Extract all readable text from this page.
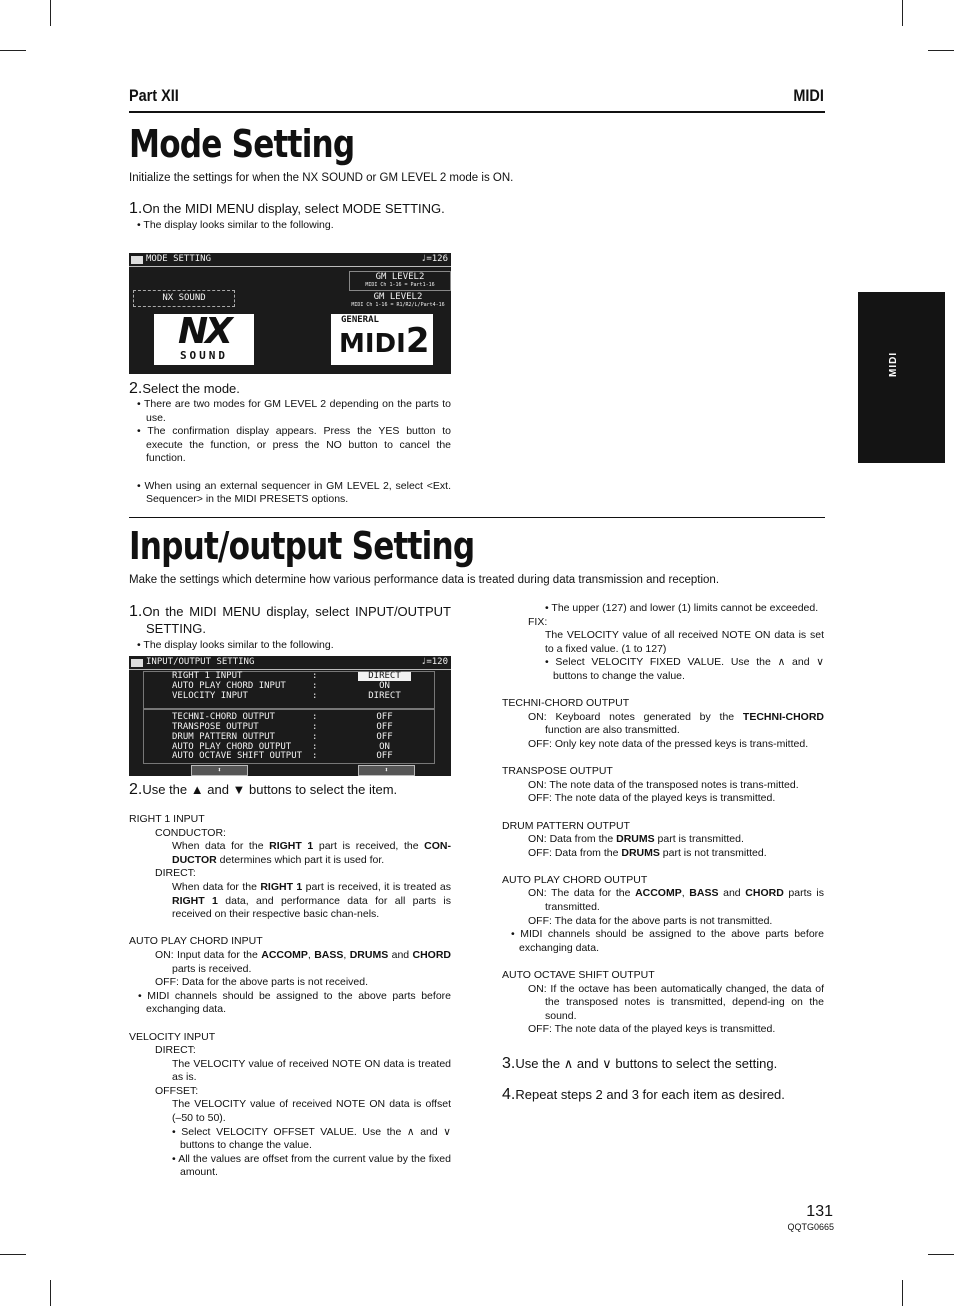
Part XII	MIDI
MIDI
Mode Setting
Initialize the settings for when the NX SOUND or GM LEVEL 2 mode is ON.
1.On the MIDI MENU display, select MODE SETTING.
• The display looks similar to the following.
MODE SETTING	♩=126
GM LEVEL2
MIDI Ch 1-16 = Part1-16
NX SOUND	GM LEVEL2
MIDI Ch 1-16 = R1/R2/L/Part4-16
NX
SOUND
GENERAL
MIDI2
2.Select the mode.
• There are two modes for GM LEVEL 2 depending on the parts to use.
• The confirmation display appears. Press the YES button to execute the function, or press the NO button to cancel the function.
• When using an external sequencer in GM LEVEL 2, select <Ext. Sequencer> in the MIDI PRESETS options.
Input/output Setting
Make the settings which determine how various performance data is treated during data transmission and reception.
1.On the MIDI MENU display, select INPUT/OUTPUT SETTING.
• The display looks similar to the following.
INPUT/OUTPUT SETTING	♩=120
RIGHT 1 INPUT	:	DIRECT
AUTO PLAY CHORD INPUT	:	ON
VELOCITY INPUT	:	DIRECT
TECHNI-CHORD OUTPUT	:	OFF
TRANSPOSE OUTPUT	:	OFF
DRUM PATTERN OUTPUT	:	OFF
AUTO PLAY CHORD OUTPUT :	ON
AUTO OCTAVE SHIFT OUTPUT :	OFF
⬍	⬍
2.Use the ▲ and ▼ buttons to select the item.
RIGHT 1 INPUT
CONDUCTOR:
When data for the RIGHT 1 part is received, the CON-DUCTOR determines which part it is used for.
DIRECT:
When data for the RIGHT 1 part is received, it is treated as RIGHT 1 data, and performance data for all parts is received on their respective basic chan-nels.
AUTO PLAY CHORD INPUT
ON: Input data for the ACCOMP, BASS, DRUMS and CHORD parts is received.
OFF: Data for the above parts is not received.
• MIDI channels should be assigned to the above parts before exchanging data.
VELOCITY INPUT
DIRECT:
The VELOCITY value of received NOTE ON data is treated as is.
OFFSET:
The VELOCITY value of received NOTE ON data is offset (–50 to 50).
• Select VELOCITY OFFSET VALUE. Use the ∧ and ∨ buttons to change the value.
• All the values are offset from the current value by the fixed amount.
• The upper (127) and lower (1) limits cannot be exceeded.
FIX:
The VELOCITY value of all received NOTE ON data is set to a fixed value. (1 to 127)
• Select VELOCITY FIXED VALUE. Use the ∧ and ∨ buttons to change the value.
TECHNI-CHORD OUTPUT
ON: Keyboard notes generated by the TECHNI-CHORD function are also transmitted.
OFF: Only key note data of the pressed keys is trans-mitted.
TRANSPOSE OUTPUT
ON: The note data of the transposed notes is trans-mitted.
OFF: The note data of the played keys is transmitted.
DRUM PATTERN OUTPUT
ON: Data from the DRUMS part is transmitted.
OFF: Data from the DRUMS part is not transmitted.
AUTO PLAY CHORD OUTPUT
ON: The data for the ACCOMP, BASS and CHORD parts is transmitted.
OFF: The data for the above parts is not transmitted.
• MIDI channels should be assigned to the above parts before exchanging data.
AUTO OCTAVE SHIFT OUTPUT
ON: If the octave has been automatically changed, the data of the transposed notes is transmitted, depend-ing on the sound.
OFF: The note data of the played keys is transmitted.
3.Use the ∧ and ∨ buttons to select the setting.
4.Repeat steps 2 and 3 for each item as desired.
131
QQTG0665
